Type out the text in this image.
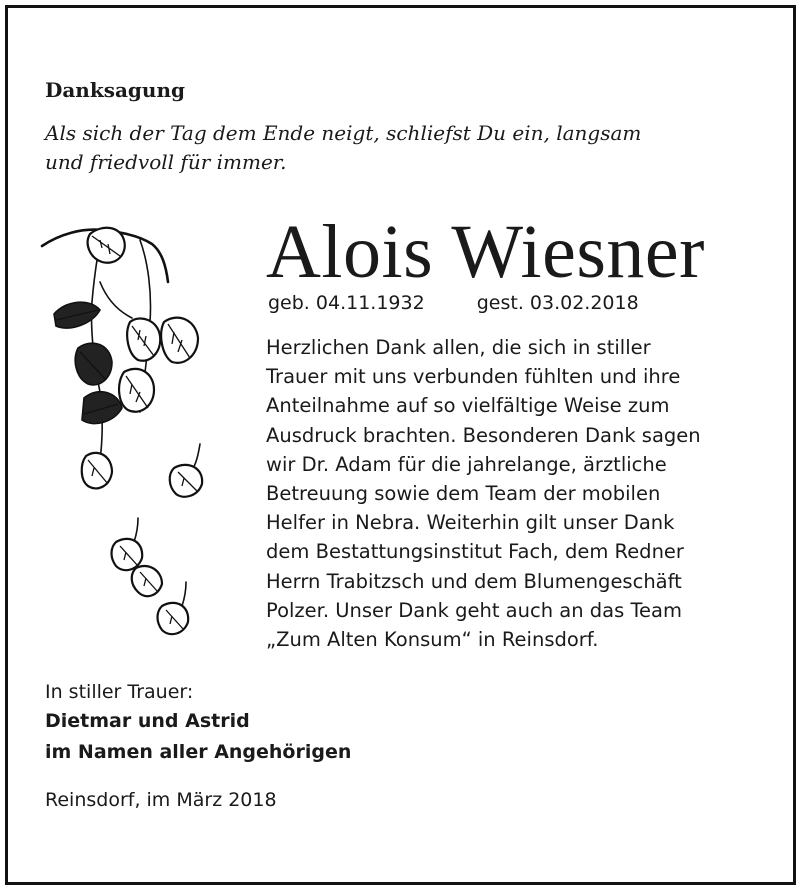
Danksagung

Als sich der Tag dem Ende neigt, schliefst Du ein, langsam
und friedvoll für immer.

Alois Wiesner
geb. 04.11.1932	gest. 03.02.2018

Herzlichen Dank allen, die sich in stiller
Trauer mit uns verbunden fühlten und ihre
Anteilnahme auf so vielfältige Weise zum
Ausdruck brachten. Besonderen Dank sagen
wir Dr. Adam für die jahrelange, ärztliche
Betreuung sowie dem Team der mobilen
Helfer in Nebra. Weiterhin gilt unser Dank
dem Bestattungsinstitut Fach, dem Redner
Herrn Trabitzsch und dem Blumengeschäft
Polzer. Unser Dank geht auch an das Team
„Zum Alten Konsum“ in Reinsdorf.

In stiller Trauer:
Dietmar und Astrid
im Namen aller Angehörigen
Reinsdorf, im März 2018
